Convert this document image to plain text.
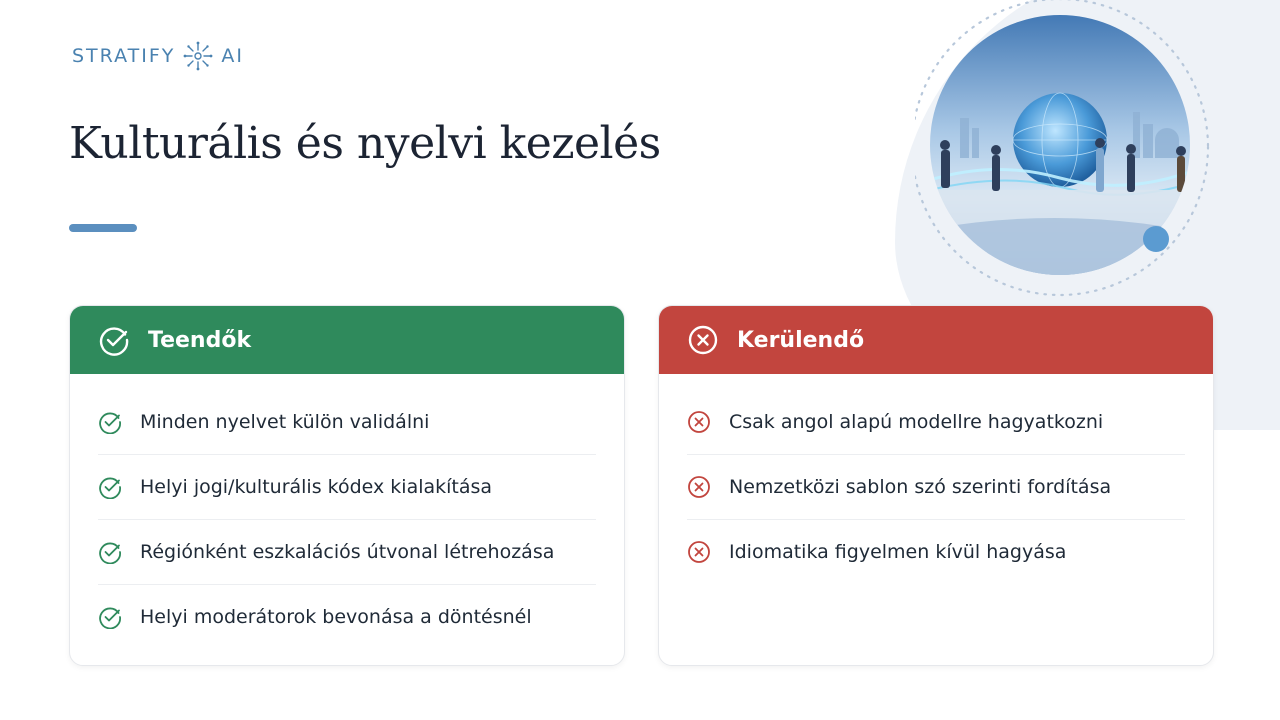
STRATIFY AI
Kulturális és nyelvi kezelés
Teendők
Minden nyelvet külön validálni
Helyi jogi/kulturális kódex kialakítása
Régiónként eszkalációs útvonal létrehozása
Helyi moderátorok bevonása a döntésnél
Kerülendő
Csak angol alapú modellre hagyatkozni
Nemzetközi sablon szó szerinti fordítása
Idiomatika figyelmen kívül hagyása
